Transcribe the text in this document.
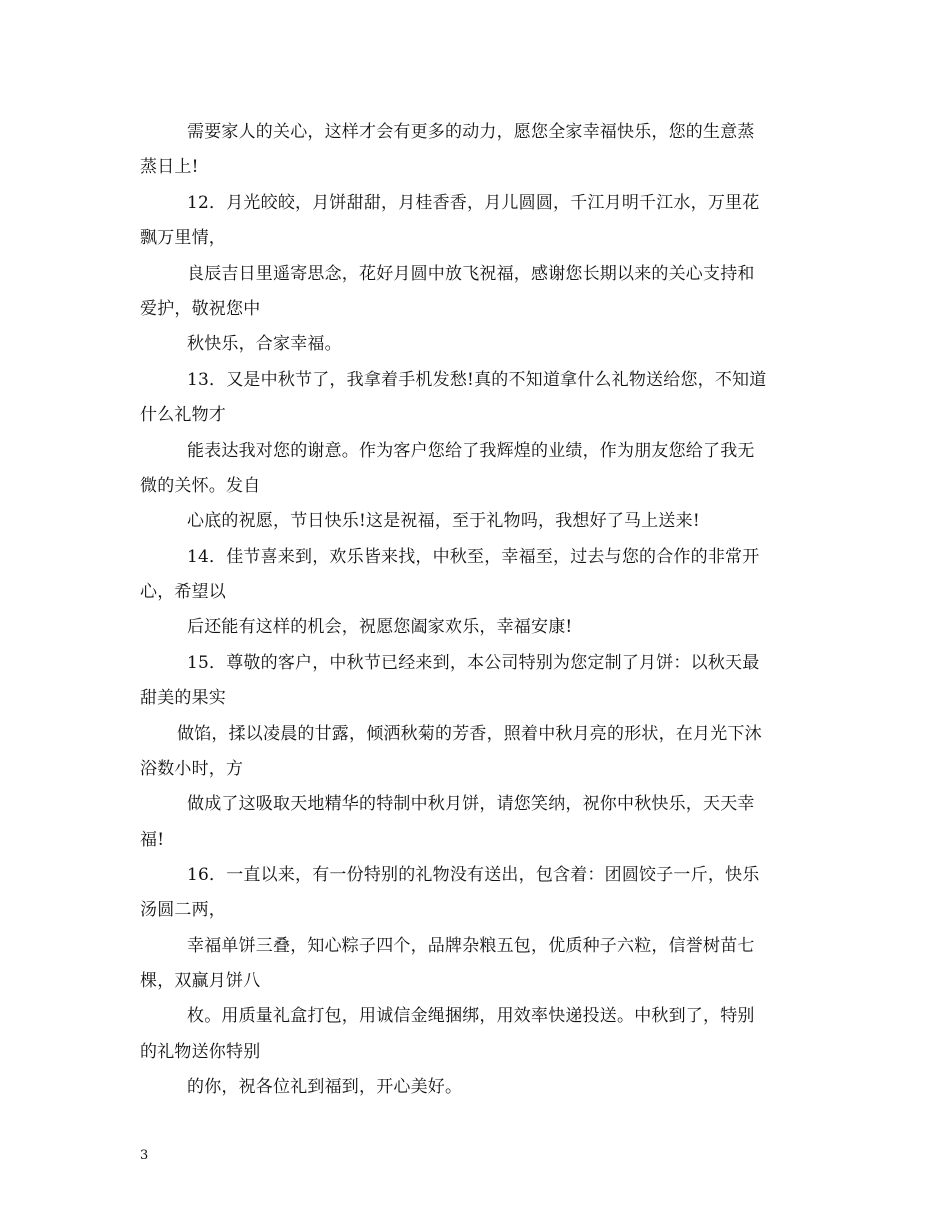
需要家人的关心，这样才会有更多的动力，愿您全家幸福快乐，您的生意蒸
蒸日上!
12．月光皎皎，月饼甜甜，月桂香香，月儿圆圆，千江月明千江水，万里花
飘万里情，
良辰吉日里遥寄思念，花好月圆中放飞祝福，感谢您长期以来的关心支持和
爱护，敬祝您中
秋快乐，合家幸福。
13．又是中秋节了，我拿着手机发愁!真的不知道拿什么礼物送给您，不知道
什么礼物才
能表达我对您的谢意。作为客户您给了我辉煌的业绩，作为朋友您给了我无
微的关怀。发自
心底的祝愿，节日快乐!这是祝福，至于礼物吗，我想好了马上送来!
14．佳节喜来到，欢乐皆来找，中秋至，幸福至，过去与您的合作的非常开
心，希望以
后还能有这样的机会，祝愿您阖家欢乐，幸福安康!
15．尊敬的客户，中秋节已经来到，本公司特别为您定制了月饼：以秋天最
甜美的果实
做馅，揉以凌晨的甘露，倾洒秋菊的芳香，照着中秋月亮的形状，在月光下沐
浴数小时，方
做成了这吸取天地精华的特制中秋月饼，请您笑纳，祝你中秋快乐，天天幸
福!
16．一直以来，有一份特别的礼物没有送出，包含着：团圆饺子一斤，快乐
汤圆二两，
幸福单饼三叠，知心粽子四个，品牌杂粮五包，优质种子六粒，信誉树苗七
棵，双赢月饼八
枚。用质量礼盒打包，用诚信金绳捆绑，用效率快递投送。中秋到了，特别
的礼物送你特别
的你，祝各位礼到福到，开心美好。
3
